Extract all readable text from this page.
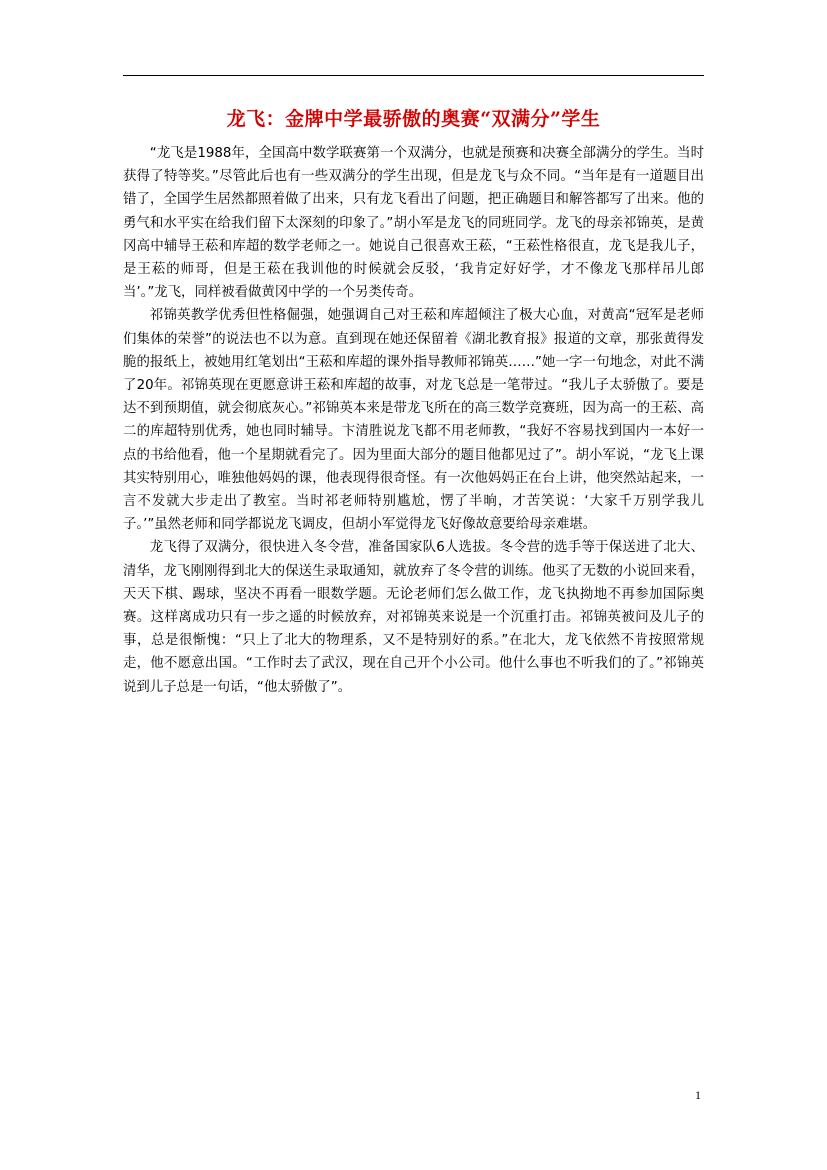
龙飞：金牌中学最骄傲的奥赛“双满分”学生

“龙飞是1988年，全国高中数学联赛第一个双满分，也就是预赛和决赛全部满分的学生。当时获得了特等奖。”尽管此后也有一些双满分的学生出现，但是龙飞与众不同。“当年是有一道题目出错了，全国学生居然都照着做了出来，只有龙飞看出了问题，把正确题目和解答都写了出来。他的勇气和水平实在给我们留下太深刻的印象了。”胡小军是龙飞的同班同学。龙飞的母亲祁锦英，是黄冈高中辅导王菘和库超的数学老师之一。她说自己很喜欢王菘，“王菘性格很直，龙飞是我儿子，是王菘的师哥，但是王菘在我训他的时候就会反驳，‘我肯定好好学，才不像龙飞那样吊儿郎当’。”龙飞，同样被看做黄冈中学的一个另类传奇。

祁锦英教学优秀但性格倔强，她强调自己对王菘和库超倾注了极大心血，对黄高“冠军是老师们集体的荣誉”的说法也不以为意。直到现在她还保留着《湖北教育报》报道的文章，那张黄得发脆的报纸上，被她用红笔划出“王菘和库超的课外指导教师祁锦英……”她一字一句地念，对此不满了20年。祁锦英现在更愿意讲王菘和库超的故事，对龙飞总是一笔带过。“我儿子太骄傲了。要是达不到预期值，就会彻底灰心。”祁锦英本来是带龙飞所在的高三数学竞赛班，因为高一的王菘、高二的库超特别优秀，她也同时辅导。卞清胜说龙飞都不用老师教，“我好不容易找到国内一本好一点的书给他看，他一个星期就看完了。因为里面大部分的题目他都见过了”。胡小军说，“龙飞上课其实特别用心，唯独他妈妈的课，他表现得很奇怪。有一次他妈妈正在台上讲，他突然站起来，一言不发就大步走出了教室。当时祁老师特别尴尬，愣了半晌，才苦笑说：‘大家千万别学我儿子。’”虽然老师和同学都说龙飞调皮，但胡小军觉得龙飞好像故意要给母亲难堪。

龙飞得了双满分，很快进入冬令营，准备国家队6人选拔。冬令营的选手等于保送进了北大、清华，龙飞刚刚得到北大的保送生录取通知，就放弃了冬令营的训练。他买了无数的小说回来看，天天下棋、踢球，坚决不再看一眼数学题。无论老师们怎么做工作，龙飞执拗地不再参加国际奥赛。这样离成功只有一步之遥的时候放弃，对祁锦英来说是一个沉重打击。祁锦英被问及儿子的事，总是很惭愧：“只上了北大的物理系，又不是特别好的系。”在北大，龙飞依然不肯按照常规走，他不愿意出国。“工作时去了武汉，现在自己开个小公司。他什么事也不听我们的了。”祁锦英说到儿子总是一句话，“他太骄傲了”。

1
